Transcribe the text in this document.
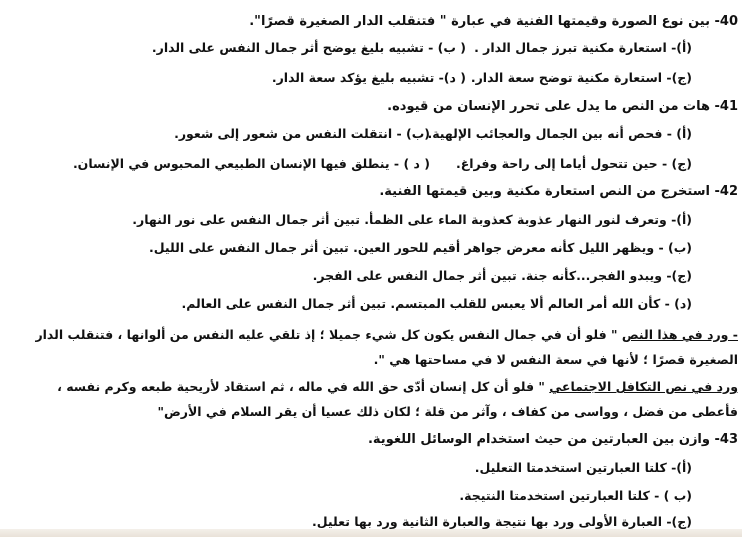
40- بين نوع الصورة وقيمتها الفنية في عبارة " فتنقلب الدار الصغيرة قصرًا".
(أ)- استعارة مكنية تبرز جمال الدار .
( ب) - تشبيه بليغ يوضح أثر جمال النفس على الدار.
(ج)- استعارة مكنية توضح سعة الدار.
( د)- تشبيه بليغ يؤكد سعة الدار.
41- هات من النص ما يدل على تحرر الإنسان من قيوده.
(أ) - فحص أنه بين الجمال والعجائب الإلهية.
(ب) - انتقلت النفس من شعور إلى شعور.
(ج) - حين تتحول أياما إلى راحة وفراغ.
( د ) - ينطلق فيها الإنسان الطبيعي المحبوس في الإنسان.
42- استخرج من النص استعارة مكنية وبين قيمتها الفنية.
(أ)- وتعرف لنور النهار عذوبة كعذوبة الماء على الظمأ. تبين أثر جمال النفس على نور النهار.
(ب) - ويظهر الليل كأنه معرض جواهر أقيم للحور العين. تبين أثر جمال النفس على الليل.
(ج)- ويبدو الفجر...كأنه جنة. تبين أثر جمال النفس على الفجر.
(د) - كأن الله أمر العالم ألا يعبس للقلب المبتسم. تبين أثر جمال النفس على العالم.
- ورد في هذا النص " فلو أن في جمال النفس يكون كل شيء جميلا ؛ إذ تلقي عليه النفس من ألوانها ، فتنقلب الدار الصغيرة قصرًا ؛ لأنها في سعة النفس لا في مساحتها هي ".
ورد في نص التكافل الاجتماعي " فلو أن كل إنسان أدّى حق الله في ماله ، ثم استقاد لأريحية طبعه وكرم نفسه ، فأعطى من فضل ، وواسى من كفاف ، وآثر من قلة ؛ لكان ذلك عسيا أن يقر السلام في الأرض"
43- وازن بين العبارتين من حيث استخدام الوسائل اللغوية.
(أ)- كلتا العبارتين استخدمتا التعليل.
(ب ) - كلتا العبارتين استخدمتا النتيجة.
(ج)- العبارة الأولى ورد بها نتيجة والعبارة الثانية ورد بها تعليل.
